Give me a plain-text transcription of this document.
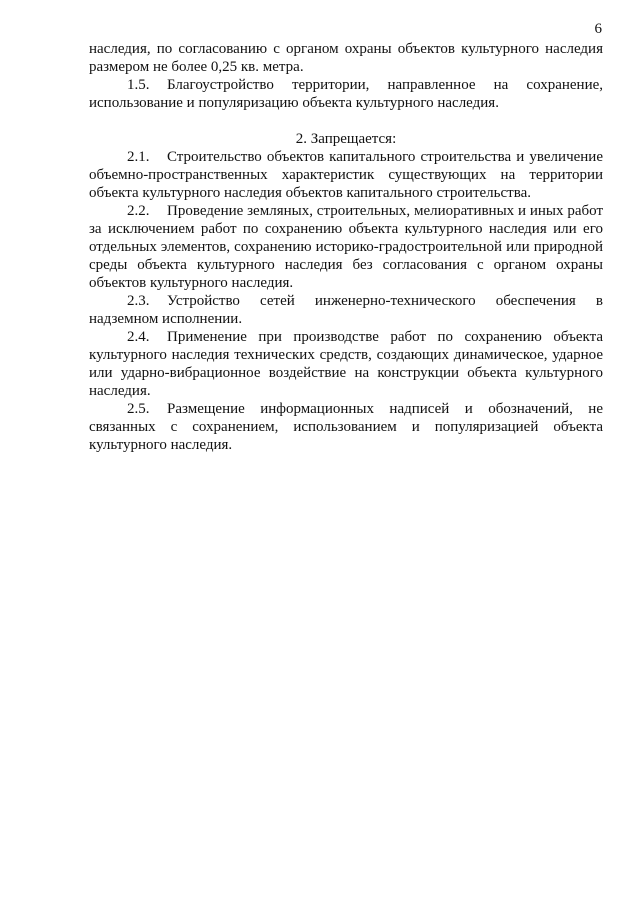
6

наследия, по согласованию с органом охраны объектов культурного наследия размером не более 0,25 кв. метра.

1.5. Благоустройство территории, направленное на сохранение, использование и популяризацию объекта культурного наследия.

2. Запрещается:

2.1. Строительство объектов капитального строительства и увеличение объемно-пространственных характеристик существующих на территории объекта культурного наследия объектов капитального строительства.

2.2. Проведение земляных, строительных, мелиоративных и иных работ за исключением работ по сохранению объекта культурного наследия или его отдельных элементов, сохранению историко-градостроительной или природной среды объекта культурного наследия без согласования с органом охраны объектов культурного наследия.

2.3. Устройство сетей инженерно-технического обеспечения в надземном исполнении.

2.4. Применение при производстве работ по сохранению объекта культурного наследия технических средств, создающих динамическое, ударное или ударно-вибрационное воздействие на конструкции объекта культурного наследия.

2.5. Размещение информационных надписей и обозначений, не связанных с сохранением, использованием и популяризацией объекта культурного наследия.
